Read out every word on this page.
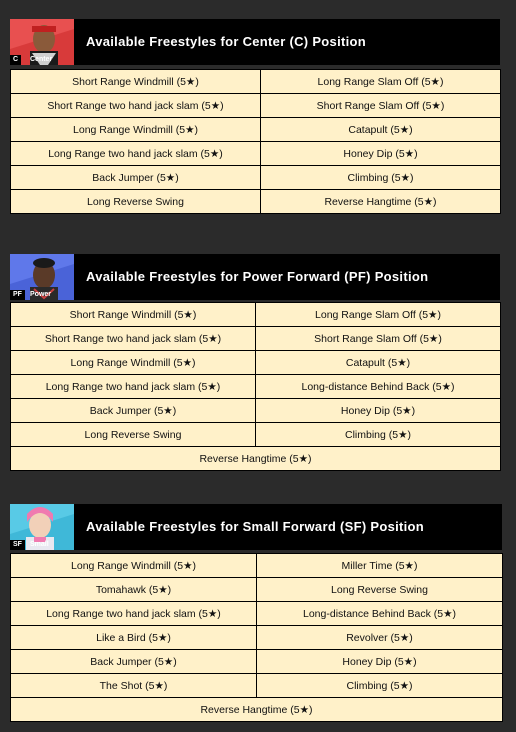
C	Center
Available Freestyles for Center (C) Position
Short Range Windmill (5★)	Long Range Slam Off (5★)
Short Range two hand jack slam (5★)	Short Range Slam Off (5★)
Long Range Windmill (5★)	Catapult (5★)
Long Range two hand jack slam (5★)	Honey Dip (5★)
Back Jumper (5★)	Climbing (5★)
Long Reverse Swing	Reverse Hangtime (5★)
PF	Power
Available Freestyles for Power Forward (PF) Position
Short Range Windmill (5★)	Long Range Slam Off (5★)
Short Range two hand jack slam (5★)	Short Range Slam Off (5★)
Long Range Windmill (5★)	Catapult (5★)
Long Range two hand jack slam (5★)	Long-distance Behind Back (5★)
Back Jumper (5★)	Honey Dip (5★)
Long Reverse Swing	Climbing (5★)
Reverse Hangtime (5★)	
SF	Small
Available Freestyles for Small Forward (SF) Position
Long Range Windmill (5★)	Miller Time (5★)
Tomahawk (5★)	Long Reverse Swing
Long Range two hand jack slam (5★)	Long-distance Behind Back (5★)
Like a Bird (5★)	Revolver (5★)
Back Jumper (5★)	Honey Dip (5★)
The Shot (5★)	Climbing (5★)
Reverse Hangtime (5★)	
